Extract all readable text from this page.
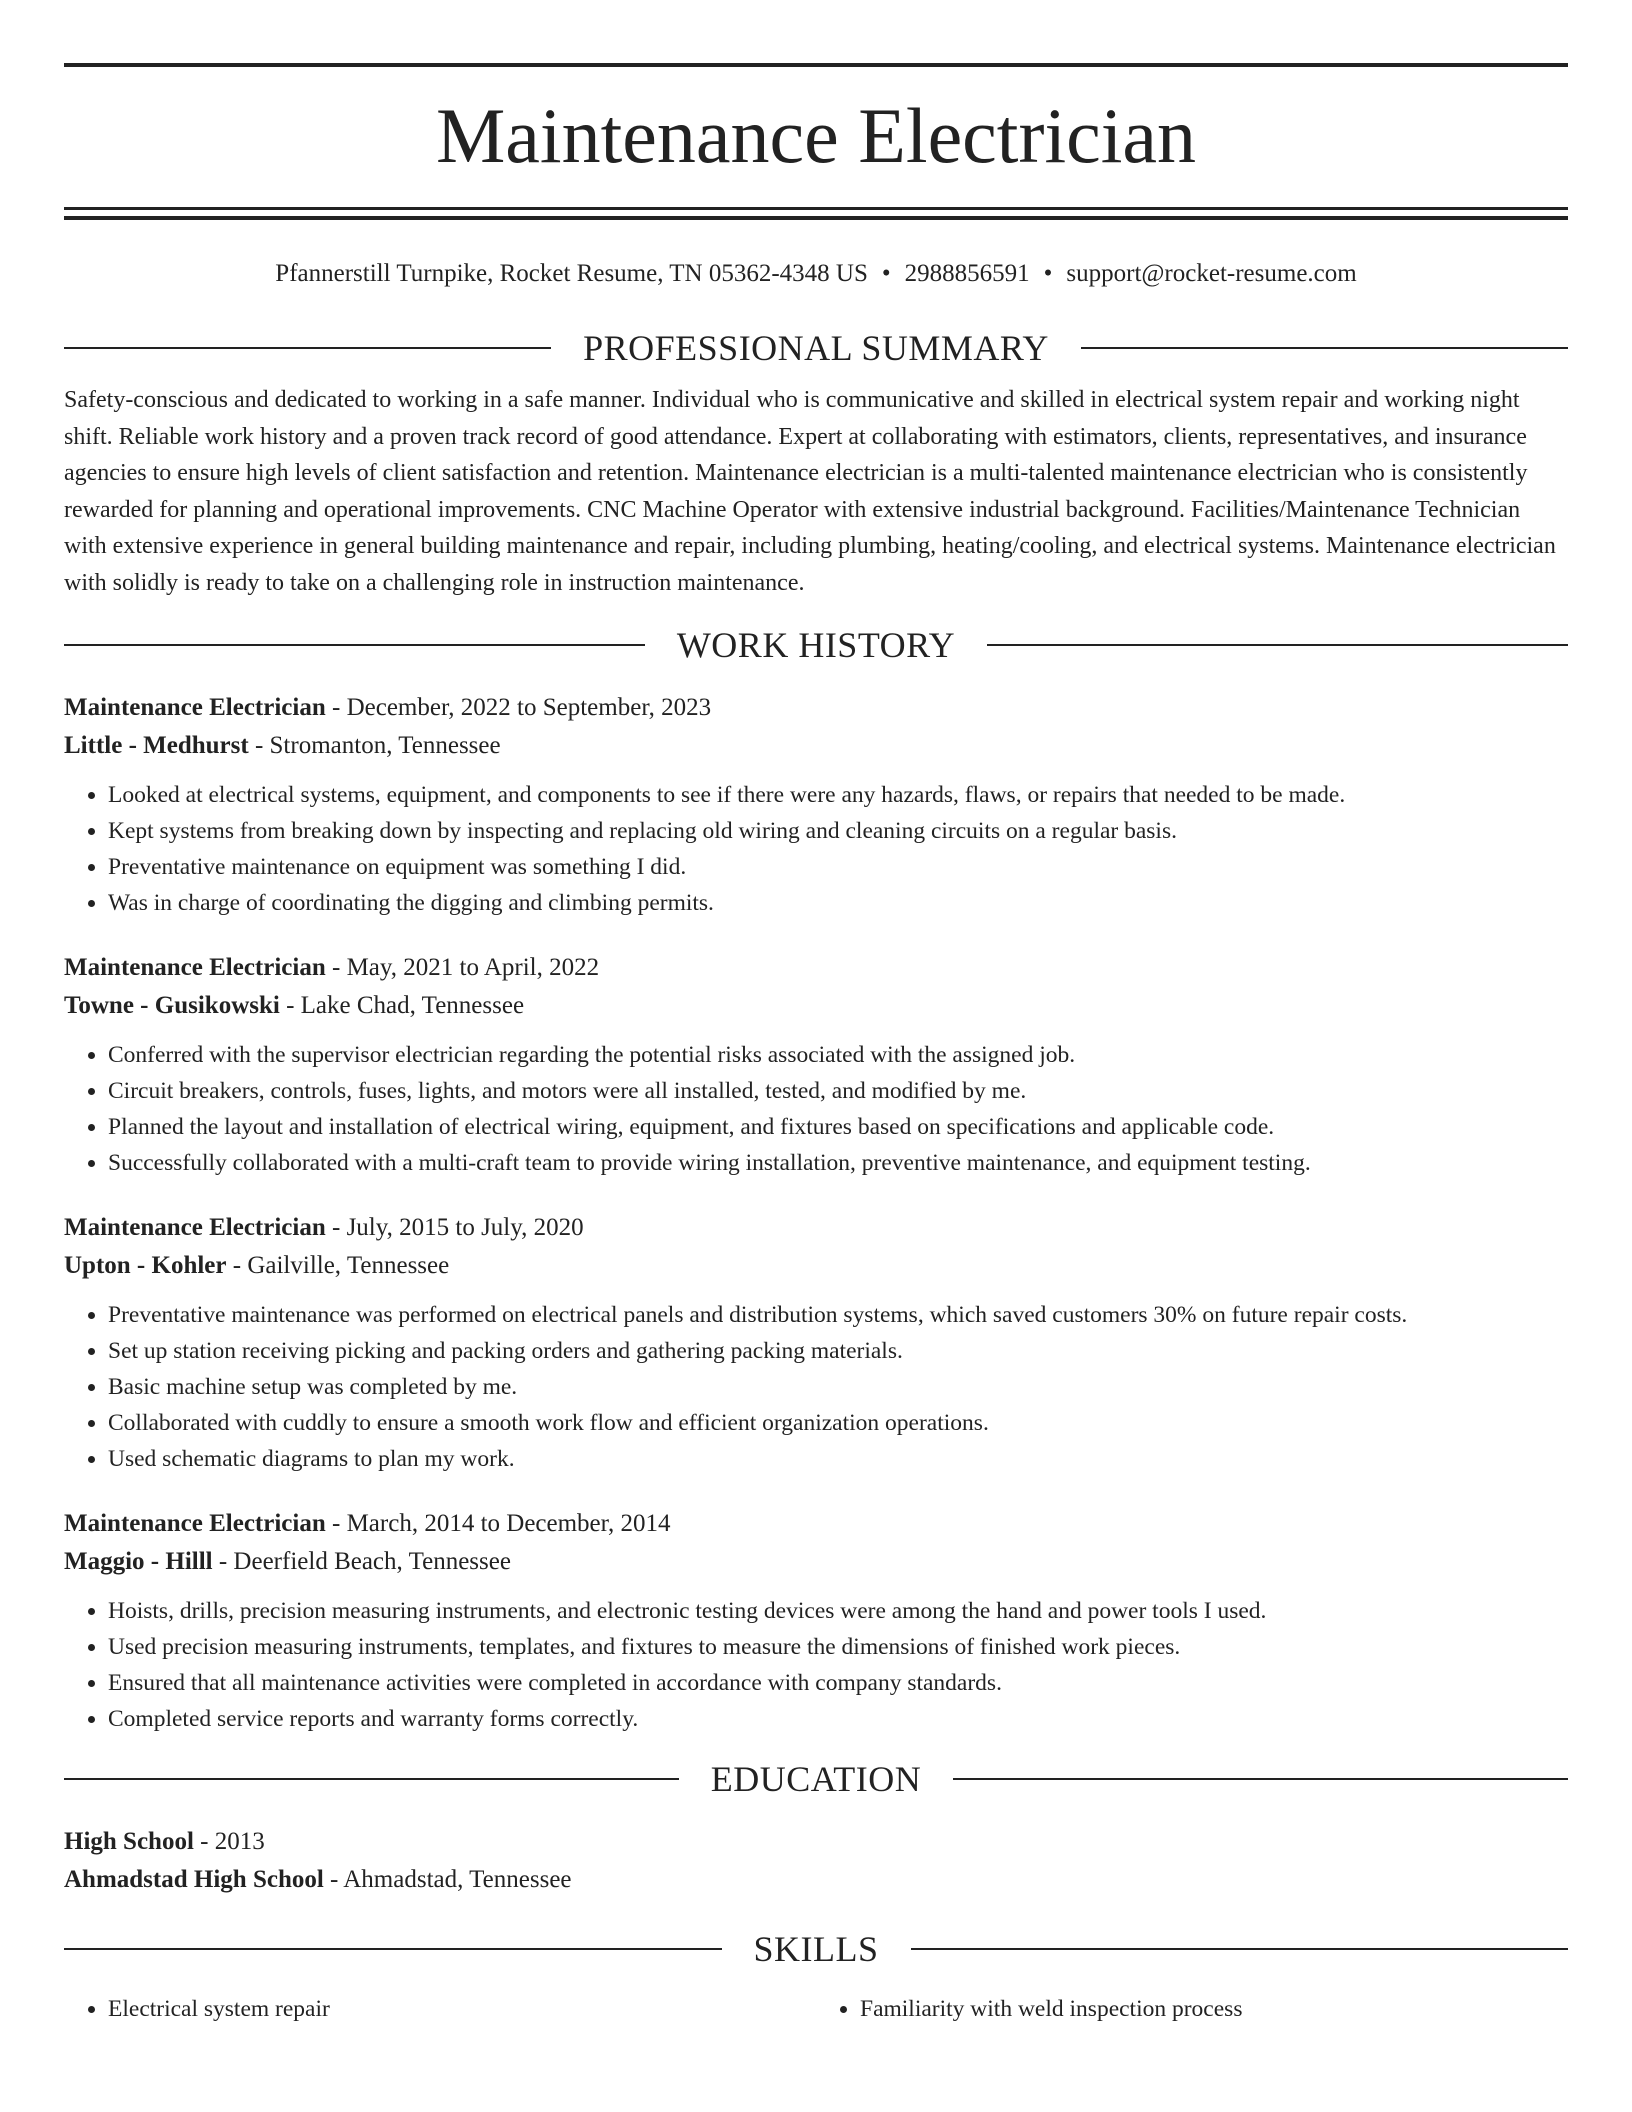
Maintenance Electrician
Pfannerstill Turnpike, Rocket Resume, TN 05362-4348 US • 2988856591 • support@rocket-resume.com
PROFESSIONAL SUMMARY
Safety-conscious and dedicated to working in a safe manner. Individual who is communicative and skilled in electrical system repair and working night shift. Reliable work history and a proven track record of good attendance. Expert at collaborating with estimators, clients, representatives, and insurance agencies to ensure high levels of client satisfaction and retention. Maintenance electrician is a multi-talented maintenance electrician who is consistently rewarded for planning and operational improvements. CNC Machine Operator with extensive industrial background. Facilities/Maintenance Technician with extensive experience in general building maintenance and repair, including plumbing, heating/cooling, and electrical systems. Maintenance electrician with solidly is ready to take on a challenging role in instruction maintenance.
WORK HISTORY
Maintenance Electrician - December, 2022 to September, 2023
Little - Medhurst - Stromanton, Tennessee
• Looked at electrical systems, equipment, and components to see if there were any hazards, flaws, or repairs that needed to be made.
• Kept systems from breaking down by inspecting and replacing old wiring and cleaning circuits on a regular basis.
• Preventative maintenance on equipment was something I did.
• Was in charge of coordinating the digging and climbing permits.
Maintenance Electrician - May, 2021 to April, 2022
Towne - Gusikowski - Lake Chad, Tennessee
• Conferred with the supervisor electrician regarding the potential risks associated with the assigned job.
• Circuit breakers, controls, fuses, lights, and motors were all installed, tested, and modified by me.
• Planned the layout and installation of electrical wiring, equipment, and fixtures based on specifications and applicable code.
• Successfully collaborated with a multi-craft team to provide wiring installation, preventive maintenance, and equipment testing.
Maintenance Electrician - July, 2015 to July, 2020
Upton - Kohler - Gailville, Tennessee
• Preventative maintenance was performed on electrical panels and distribution systems, which saved customers 30% on future repair costs.
• Set up station receiving picking and packing orders and gathering packing materials.
• Basic machine setup was completed by me.
• Collaborated with cuddly to ensure a smooth work flow and efficient organization operations.
• Used schematic diagrams to plan my work.
Maintenance Electrician - March, 2014 to December, 2014
Maggio - Hilll - Deerfield Beach, Tennessee
• Hoists, drills, precision measuring instruments, and electronic testing devices were among the hand and power tools I used.
• Used precision measuring instruments, templates, and fixtures to measure the dimensions of finished work pieces.
• Ensured that all maintenance activities were completed in accordance with company standards.
• Completed service reports and warranty forms correctly.
EDUCATION
High School - 2013
Ahmadstad High School - Ahmadstad, Tennessee
SKILLS
• Electrical system repair
•	Familiarity with weld inspection process
